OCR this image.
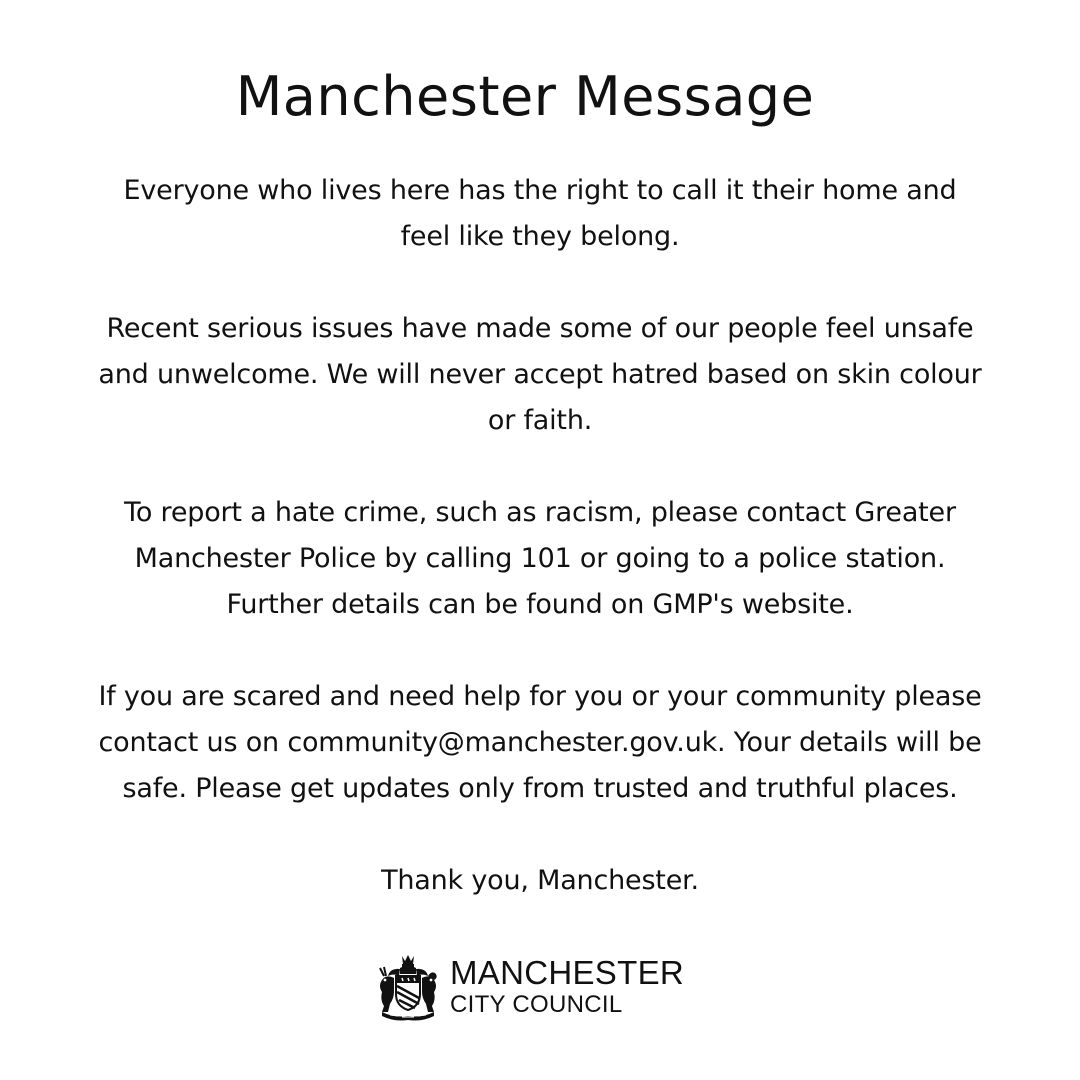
Manchester Message

Everyone who lives here has the right to call it their home and
feel like they belong.

Recent serious issues have made some of our people feel unsafe
and unwelcome. We will never accept hatred based on skin colour
or faith.

To report a hate crime, such as racism, please contact Greater
Manchester Police by calling 101 or going to a police station.
Further details can be found on GMP's website.

If you are scared and need help for you or your community please
contact us on community@manchester.gov.uk. Your details will be
safe. Please get updates only from trusted and truthful places.

Thank you, Manchester.

MANCHESTER
CITY COUNCIL
